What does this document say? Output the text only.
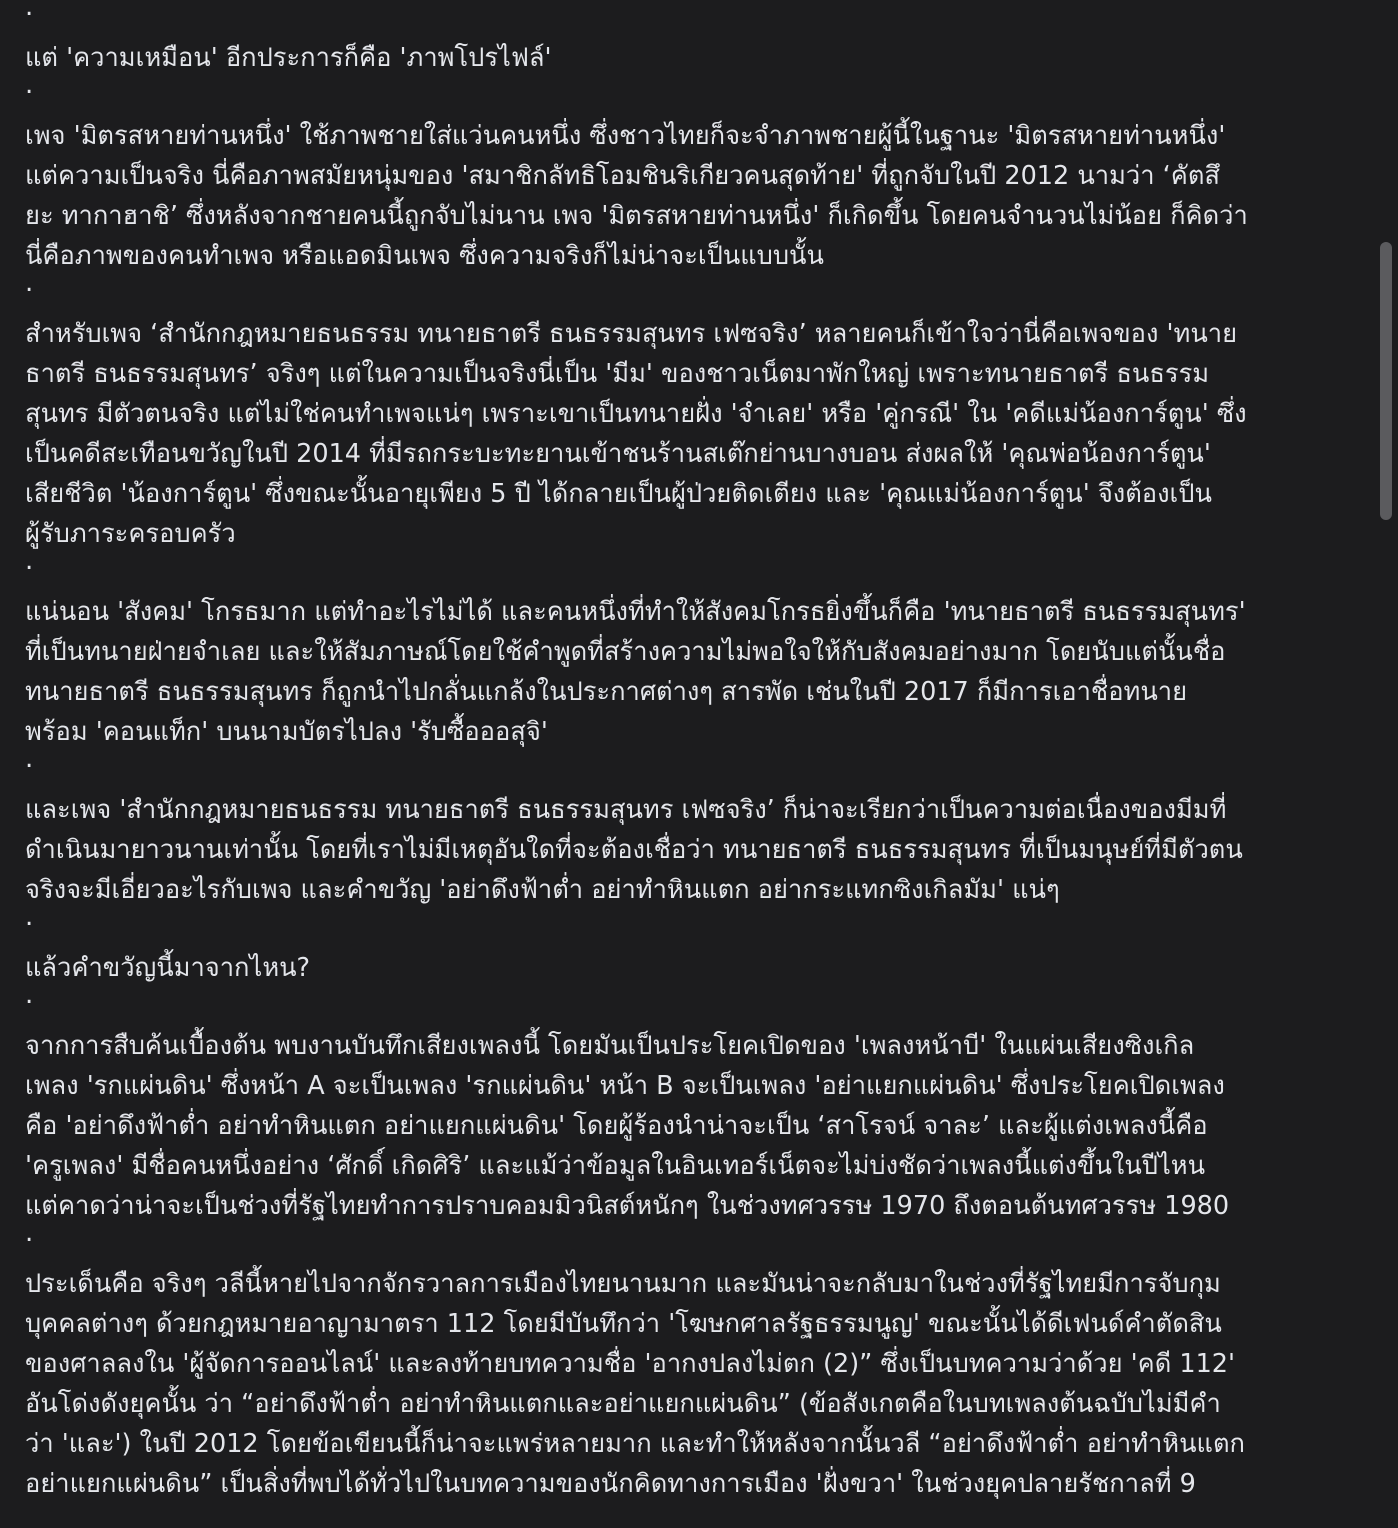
.
แต่ 'ความเหมือน' อีกประการก็คือ 'ภาพโปรไฟล์'
.
เพจ 'มิตรสหายท่านหนึ่ง' ใช้ภาพชายใส่แว่นคนหนึ่ง ซึ่งชาวไทยก็จะจำภาพชายผู้นี้ในฐานะ 'มิตรสหายท่านหนึ่ง'
แต่ความเป็นจริง นี่คือภาพสมัยหนุ่มของ 'สมาชิกลัทธิโอมชินริเกียวคนสุดท้าย' ที่ถูกจับในปี 2012 นามว่า ‘คัตสึ
ยะ ทากาฮาชิ’ ซึ่งหลังจากชายคนนี้ถูกจับไม่นาน เพจ 'มิตรสหายท่านหนึ่ง' ก็เกิดขึ้น โดยคนจำนวนไม่น้อย ก็คิดว่า
นี่คือภาพของคนทำเพจ หรือแอดมินเพจ ซึ่งความจริงก็ไม่น่าจะเป็นแบบนั้น
.
สำหรับเพจ ‘สำนักกฎหมายธนธรรม ทนายธาตรี ธนธรรมสุนทร เฟซจริง’ หลายคนก็เข้าใจว่านี่คือเพจของ 'ทนาย
ธาตรี ธนธรรมสุนทร’ จริงๆ แต่ในความเป็นจริงนี่เป็น 'มีม' ของชาวเน็ตมาพักใหญ่ เพราะทนายธาตรี ธนธรรม
สุนทร มีตัวตนจริง แต่ไม่ใช่คนทำเพจแน่ๆ เพราะเขาเป็นทนายฝั่ง 'จำเลย' หรือ 'คู่กรณี' ใน 'คดีแม่น้องการ์ตูน' ซึ่ง
เป็นคดีสะเทือนขวัญในปี 2014 ที่มีรถกระบะทะยานเข้าชนร้านสเต๊กย่านบางบอน ส่งผลให้ 'คุณพ่อน้องการ์ตูน'
เสียชีวิต 'น้องการ์ตูน' ซึ่งขณะนั้นอายุเพียง 5 ปี ได้กลายเป็นผู้ป่วยติดเตียง และ 'คุณแม่น้องการ์ตูน' จึงต้องเป็น
ผู้รับภาระครอบครัว
.
แน่นอน 'สังคม' โกรธมาก แต่ทำอะไรไม่ได้ และคนหนึ่งที่ทำให้สังคมโกรธยิ่งขึ้นก็คือ 'ทนายธาตรี ธนธรรมสุนทร'
ที่เป็นทนายฝ่ายจำเลย และให้สัมภาษณ์โดยใช้คำพูดที่สร้างความไม่พอใจให้กับสังคมอย่างมาก โดยนับแต่นั้นชื่อ
ทนายธาตรี ธนธรรมสุนทร ก็ถูกนำไปกลั่นแกล้งในประกาศต่างๆ สารพัด เช่นในปี 2017 ก็มีการเอาชื่อทนาย
พร้อม 'คอนแท็ก' บนนามบัตรไปลง 'รับซื้อออสุจิ'
.
และเพจ 'สำนักกฎหมายธนธรรม ทนายธาตรี ธนธรรมสุนทร เฟซจริง’ ก็น่าจะเรียกว่าเป็นความต่อเนื่องของมีมที่
ดำเนินมายาวนานเท่านั้น โดยที่เราไม่มีเหตุอันใดที่จะต้องเชื่อว่า ทนายธาตรี ธนธรรมสุนทร ที่เป็นมนุษย์ที่มีตัวตน
จริงจะมีเอี่ยวอะไรกับเพจ และคำขวัญ 'อย่าดึงฟ้าต่ำ อย่าทำหินแตก อย่ากระแทกซิงเกิลมัม' แน่ๆ
.
แล้วคำขวัญนี้มาจากไหน?
.
จากการสืบค้นเบื้องต้น พบงานบันทึกเสียงเพลงนี้ โดยมันเป็นประโยคเปิดของ 'เพลงหน้าบี' ในแผ่นเสียงซิงเกิล
เพลง 'รกแผ่นดิน' ซึ่งหน้า A จะเป็นเพลง 'รกแผ่นดิน' หน้า B จะเป็นเพลง 'อย่าแยกแผ่นดิน' ซึ่งประโยคเปิดเพลง
คือ 'อย่าดึงฟ้าต่ำ อย่าทำหินแตก อย่าแยกแผ่นดิน' โดยผู้ร้องนำน่าจะเป็น ‘สาโรจน์ จาละ’ และผู้แต่งเพลงนี้คือ
'ครูเพลง' มีชื่อคนหนึ่งอย่าง ‘ศักดิ์ เกิดศิริ’ และแม้ว่าข้อมูลในอินเทอร์เน็ตจะไม่บ่งชัดว่าเพลงนี้แต่งขึ้นในปีไหน
แต่คาดว่าน่าจะเป็นช่วงที่รัฐไทยทำการปราบคอมมิวนิสต์หนักๆ ในช่วงทศวรรษ 1970 ถึงตอนต้นทศวรรษ 1980
.
ประเด็นคือ จริงๆ วลีนี้หายไปจากจักรวาลการเมืองไทยนานมาก และมันน่าจะกลับมาในช่วงที่รัฐไทยมีการจับกุม
บุคคลต่างๆ ด้วยกฎหมายอาญามาตรา 112 โดยมีบันทึกว่า 'โฆษกศาลรัฐธรรมนูญ' ขณะนั้นได้ดีเฟนด์คำตัดสิน
ของศาลลงใน 'ผู้จัดการออนไลน์' และลงท้ายบทความชื่อ 'อากงปลงไม่ตก (2)” ซึ่งเป็นบทความว่าด้วย 'คดี 112'
อันโด่งดังยุคนั้น ว่า “อย่าดึงฟ้าต่ำ อย่าทำหินแตกและอย่าแยกแผ่นดิน” (ข้อสังเกตคือในบทเพลงต้นฉบับไม่มีคำ
ว่า 'และ') ในปี 2012 โดยข้อเขียนนี้ก็น่าจะแพร่หลายมาก และทำให้หลังจากนั้นวลี “อย่าดึงฟ้าต่ำ อย่าทำหินแตก
อย่าแยกแผ่นดิน” เป็นสิ่งที่พบได้ทั่วไปในบทความของนักคิดทางการเมือง 'ฝั่งขวา' ในช่วงยุคปลายรัชกาลที่ 9
